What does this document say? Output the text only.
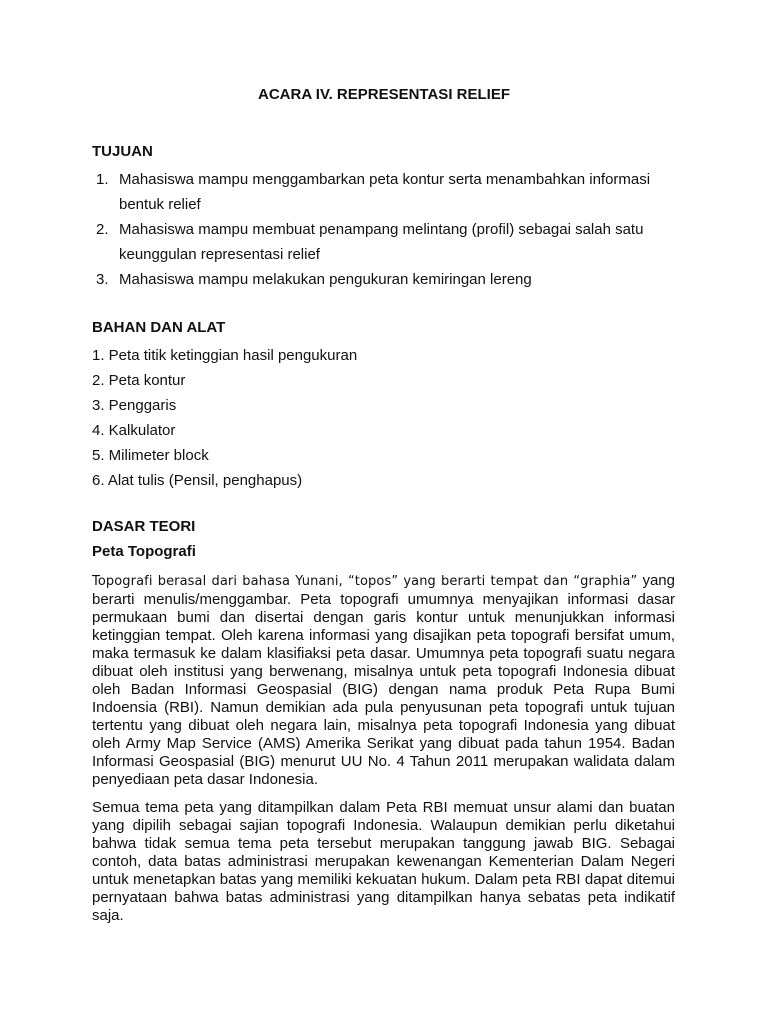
ACARA IV. REPRESENTASI RELIEF
TUJUAN
1. Mahasiswa mampu menggambarkan peta kontur serta menambahkan informasi bentuk relief
2. Mahasiswa mampu membuat penampang melintang (profil) sebagai salah satu keunggulan representasi relief
3. Mahasiswa mampu melakukan pengukuran kemiringan lereng
BAHAN DAN ALAT
1. Peta titik ketinggian hasil pengukuran
2. Peta kontur
3. Penggaris
4. Kalkulator
5. Milimeter block
6. Alat tulis (Pensil, penghapus)
DASAR TEORI
Peta Topografi

Topografi berasal dari bahasa Yunani, “topos” yang berarti tempat dan “graphia” yang berarti menulis/menggambar. Peta topografi umumnya menyajikan informasi dasar permukaan bumi dan disertai dengan garis kontur untuk menunjukkan informasi ketinggian tempat. Oleh karena informasi yang disajikan peta topografi bersifat umum, maka termasuk ke dalam klasifiaksi peta dasar. Umumnya peta topografi suatu negara dibuat oleh institusi yang berwenang, misalnya untuk peta topografi Indonesia dibuat oleh Badan Informasi Geospasial (BIG) dengan nama produk Peta Rupa Bumi Indoensia (RBI). Namun demikian ada pula penyusunan peta topografi untuk tujuan tertentu yang dibuat oleh negara lain, misalnya peta topografi Indonesia yang dibuat oleh Army Map Service (AMS) Amerika Serikat yang dibuat pada tahun 1954. Badan Informasi Geospasial (BIG) menurut UU No. 4 Tahun 2011 merupakan walidata dalam penyediaan peta dasar Indonesia.

Semua tema peta yang ditampilkan dalam Peta RBI memuat unsur alami dan buatan yang dipilih sebagai sajian topografi Indonesia. Walaupun demikian perlu diketahui bahwa tidak semua tema peta tersebut merupakan tanggung jawab BIG. Sebagai contoh, data batas administrasi merupakan kewenangan Kementerian Dalam Negeri untuk menetapkan batas yang memiliki kekuatan hukum. Dalam peta RBI dapat ditemui pernyataan bahwa batas administrasi yang ditampilkan hanya sebatas peta indikatif saja.
